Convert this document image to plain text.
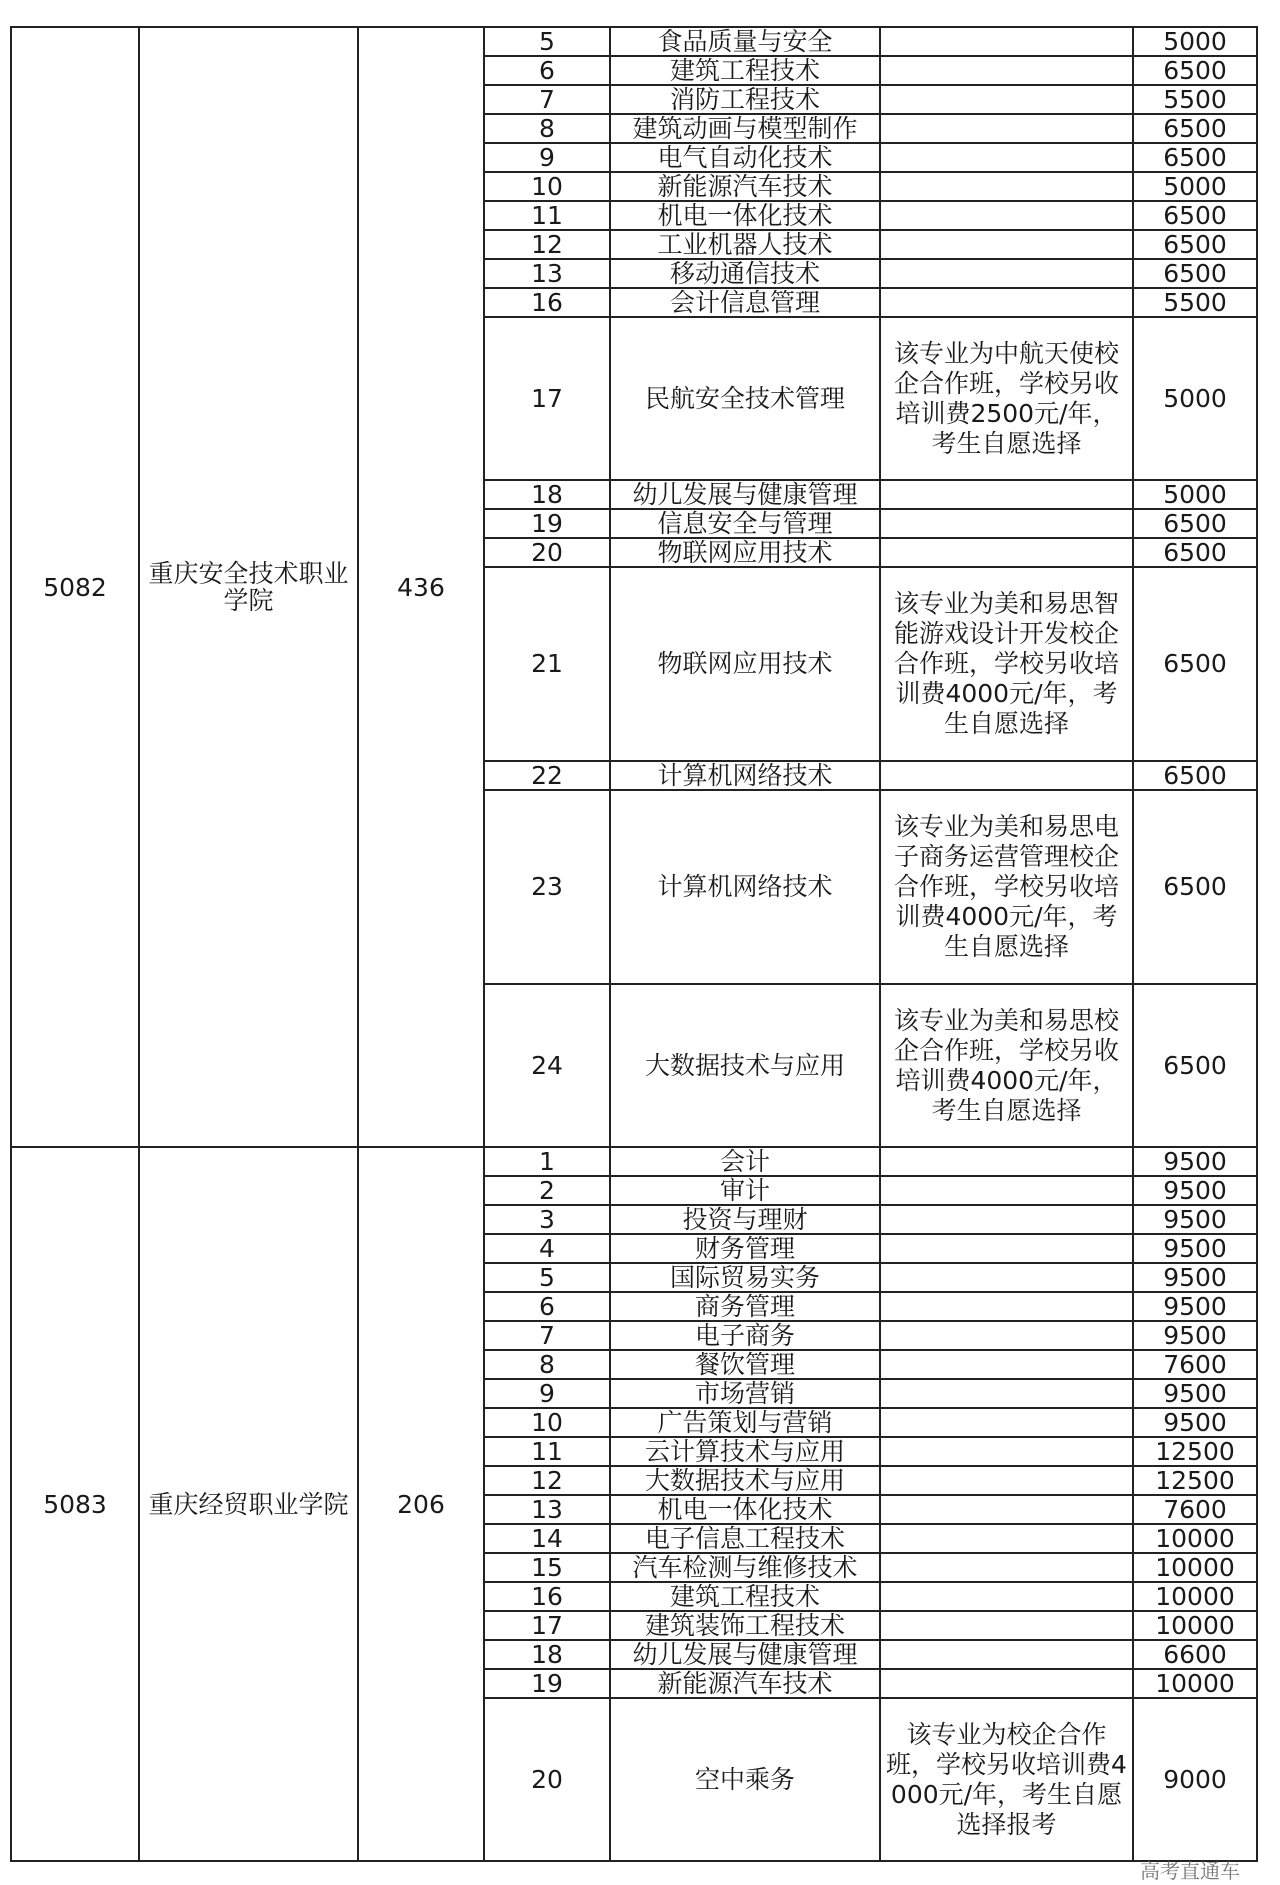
5082	重庆安全技术职业学院	436	5	食品质量与安全		5000
			6	建筑工程技术		6500
			7	消防工程技术		5500
			8	建筑动画与模型制作		6500
			9	电气自动化技术		6500
			10	新能源汽车技术		5000
			11	机电一体化技术		6500
			12	工业机器人技术		6500
			13	移动通信技术		6500
			16	会计信息管理		5500
			17	民航安全技术管理	该专业为中航天使校企合作班，学校另收培训费2500元/年，考生自愿选择	5000
			18	幼儿发展与健康管理		5000
			19	信息安全与管理		6500
			20	物联网应用技术		6500
			21	物联网应用技术	该专业为美和易思智能游戏设计开发校企合作班，学校另收培训费4000元/年，考生自愿选择	6500
			22	计算机网络技术		6500
			23	计算机网络技术	该专业为美和易思电子商务运营管理校企合作班，学校另收培训费4000元/年，考生自愿选择	6500
			24	大数据技术与应用	该专业为美和易思校企合作班，学校另收培训费4000元/年，考生自愿选择	6500
5083	重庆经贸职业学院	206	1	会计		9500
			2	审计		9500
			3	投资与理财		9500
			4	财务管理		9500
			5	国际贸易实务		9500
			6	商务管理		9500
			7	电子商务		9500
			8	餐饮管理		7600
			9	市场营销		9500
			10	广告策划与营销		9500
			11	云计算技术与应用		12500
			12	大数据技术与应用		12500
			13	机电一体化技术		7600
			14	电子信息工程技术		10000
			15	汽车检测与维修技术		10000
			16	建筑工程技术		10000
			17	建筑装饰工程技术		10000
			18	幼儿发展与健康管理		6600
			19	新能源汽车技术		10000
			20	空中乘务	该专业为校企合作班，学校另收培训费4000元/年，考生自愿选择报考	9000
高考直通车
